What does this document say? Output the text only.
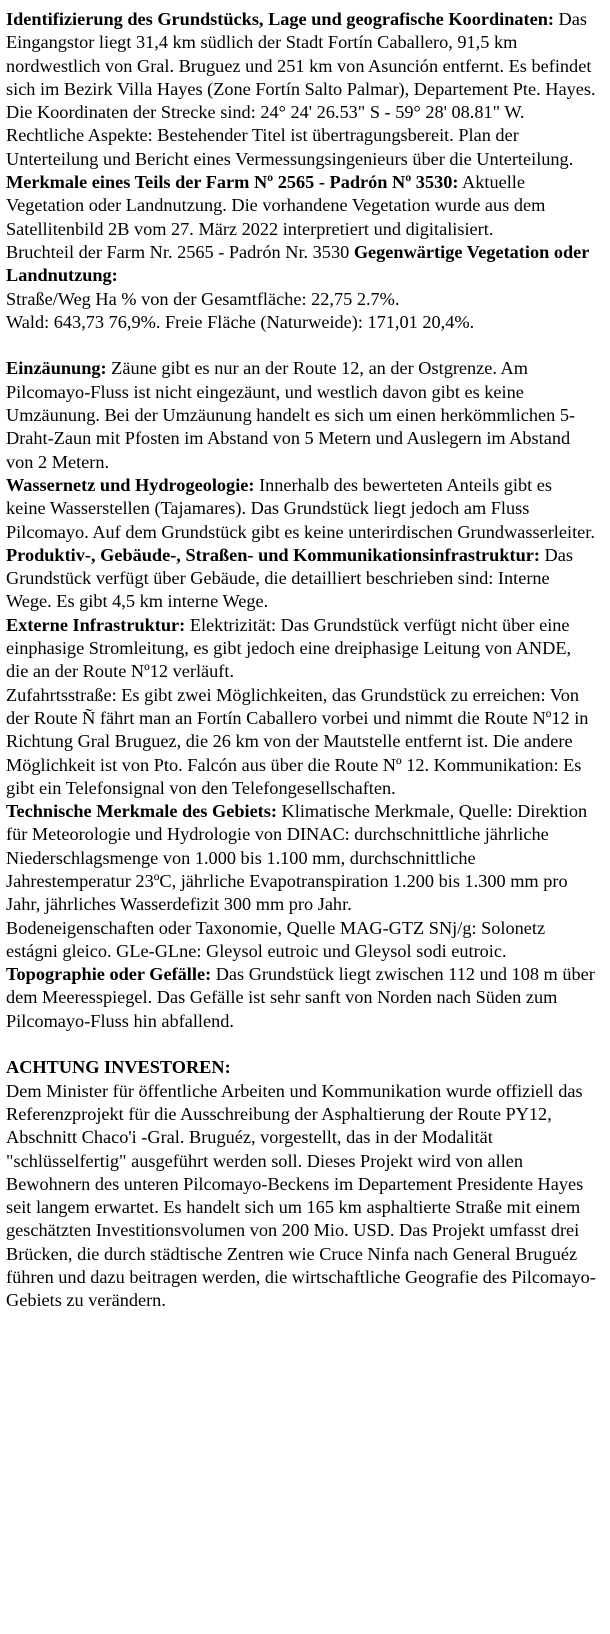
Identifizierung des Grundstücks, Lage und geografische Koordinaten: Das Eingangstor liegt 31,4 km südlich der Stadt Fortín Caballero, 91,5 km nordwestlich von Gral. Bruguez und 251 km von Asunción entfernt. Es befindet sich im Bezirk Villa Hayes (Zone Fortín Salto Palmar), Departement Pte. Hayes. Die Koordinaten der Strecke sind: 24° 24' 26.53" S - 59° 28' 08.81" W. Rechtliche Aspekte: Bestehender Titel ist übertragungsbereit. Plan der Unterteilung und Bericht eines Vermessungsingenieurs über die Unterteilung.

Merkmale eines Teils der Farm Nº 2565 - Padrón Nº 3530: Aktuelle Vegetation oder Landnutzung. Die vorhandene Vegetation wurde aus dem Satellitenbild 2B vom 27. März 2022 interpretiert und digitalisiert.

Bruchteil der Farm Nr. 2565 - Padrón Nr. 3530 Gegenwärtige Vegetation oder Landnutzung:

Straße/Weg Ha % von der Gesamtfläche: 22,75 2.7%.

Wald: 643,73 76,9%. Freie Fläche (Naturweide): 171,01 20,4%.

Einzäunung: Zäune gibt es nur an der Route 12, an der Ostgrenze. Am Pilcomayo-Fluss ist nicht eingezäunt, und westlich davon gibt es keine Umzäunung. Bei der Umzäunung handelt es sich um einen herkömmlichen 5-Draht-Zaun mit Pfosten im Abstand von 5 Metern und Auslegern im Abstand von 2 Metern.

Wassernetz und Hydrogeologie: Innerhalb des bewerteten Anteils gibt es keine Wasserstellen (Tajamares). Das Grundstück liegt jedoch am Fluss Pilcomayo. Auf dem Grundstück gibt es keine unterirdischen Grundwasserleiter.

Produktiv-, Gebäude-, Straßen- und Kommunikationsinfrastruktur: Das Grundstück verfügt über Gebäude, die detailliert beschrieben sind: Interne Wege. Es gibt 4,5 km interne Wege.

Externe Infrastruktur: Elektrizität: Das Grundstück verfügt nicht über eine einphasige Stromleitung, es gibt jedoch eine dreiphasige Leitung von ANDE, die an der Route Nº12 verläuft.

Zufahrtsstraße: Es gibt zwei Möglichkeiten, das Grundstück zu erreichen: Von der Route Ñ fährt man an Fortín Caballero vorbei und nimmt die Route Nº12 in Richtung Gral Bruguez, die 26 km von der Mautstelle entfernt ist. Die andere Möglichkeit ist von Pto. Falcón aus über die Route Nº 12. Kommunikation: Es gibt ein Telefonsignal von den Telefongesellschaften.

Technische Merkmale des Gebiets: Klimatische Merkmale, Quelle: Direktion für Meteorologie und Hydrologie von DINAC: durchschnittliche jährliche Niederschlagsmenge von 1.000 bis 1.100 mm, durchschnittliche Jahrestemperatur 23ºC, jährliche Evapotranspiration 1.200 bis 1.300 mm pro Jahr, jährliches Wasserdefizit 300 mm pro Jahr.

Bodeneigenschaften oder Taxonomie, Quelle MAG-GTZ SNj/g: Solonetz estágni gleico. GLe-GLne: Gleysol eutroic und Gleysol sodi eutroic.

Topographie oder Gefälle: Das Grundstück liegt zwischen 112 und 108 m über dem Meeresspiegel. Das Gefälle ist sehr sanft von Norden nach Süden zum Pilcomayo-Fluss hin abfallend.

ACHTUNG INVESTOREN:

Dem Minister für öffentliche Arbeiten und Kommunikation wurde offiziell das Referenzprojekt für die Ausschreibung der Asphaltierung der Route PY12, Abschnitt Chaco'i -Gral. Bruguéz, vorgestellt, das in der Modalität "schlüsselfertig" ausgeführt werden soll. Dieses Projekt wird von allen Bewohnern des unteren Pilcomayo-Beckens im Departement Presidente Hayes seit langem erwartet. Es handelt sich um 165 km asphaltierte Straße mit einem geschätzten Investitionsvolumen von 200 Mio. USD. Das Projekt umfasst drei Brücken, die durch städtische Zentren wie Cruce Ninfa nach General Bruguéz führen und dazu beitragen werden, die wirtschaftliche Geografie des Pilcomayo-Gebiets zu verändern.
